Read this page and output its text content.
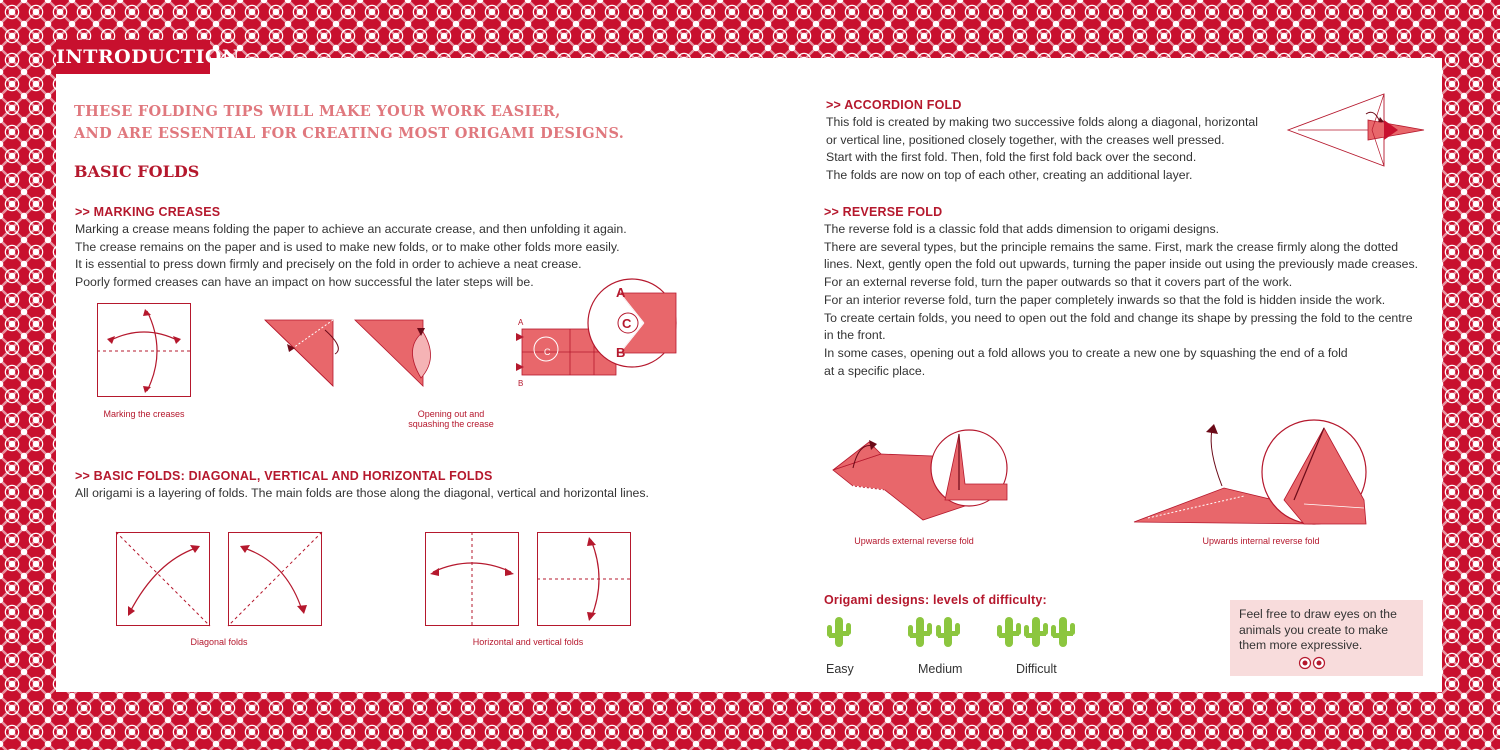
INTRODUCTION
THESE FOLDING TIPS WILL MAKE YOUR WORK EASIER,
AND ARE ESSENTIAL FOR CREATING MOST ORIGAMI DESIGNS.
BASIC FOLDS
>> MARKING CREASES
Marking a crease means folding the paper to achieve an accurate crease, and then unfolding it again.
The crease remains on the paper and is used to make new folds, or to make other folds more easily.
It is essential to press down firmly and precisely on the fold in order to achieve a neat crease.
Poorly formed creases can have an impact on how successful the later steps will be.
Marking the creases	Opening out and
squashing the crease
A
B
C
A
B
C
>> BASIC FOLDS: DIAGONAL, VERTICAL AND HORIZONTAL FOLDS
All origami is a layering of folds. The main folds are those along the diagonal, vertical and horizontal lines.
Diagonal folds	Horizontal and vertical folds
>> ACCORDION FOLD
This fold is created by making two successive folds along a diagonal, horizontal
or vertical line, positioned closely together, with the creases well pressed.
Start with the first fold. Then, fold the first fold back over the second.
The folds are now on top of each other, creating an additional layer.
>> REVERSE FOLD
The reverse fold is a classic fold that adds dimension to origami designs.
There are several types, but the principle remains the same. First, mark the crease firmly along the dotted
lines. Next, gently open the fold out upwards, turning the paper inside out using the previously made creases.
For an external reverse fold, turn the paper outwards so that it covers part of the work.
For an interior reverse fold, turn the paper completely inwards so that the fold is hidden inside the work.
To create certain folds, you need to open out the fold and change its shape by pressing the fold to the centre
in the front.
In some cases, opening out a fold allows you to create a new one by squashing the end of a fold
at a specific place.
Upwards external reverse fold	Upwards internal reverse fold
Origami designs: levels of difficulty:
Easy	Medium	Difficult
Feel free to draw eyes on the
animals you create to make
them more expressive.
